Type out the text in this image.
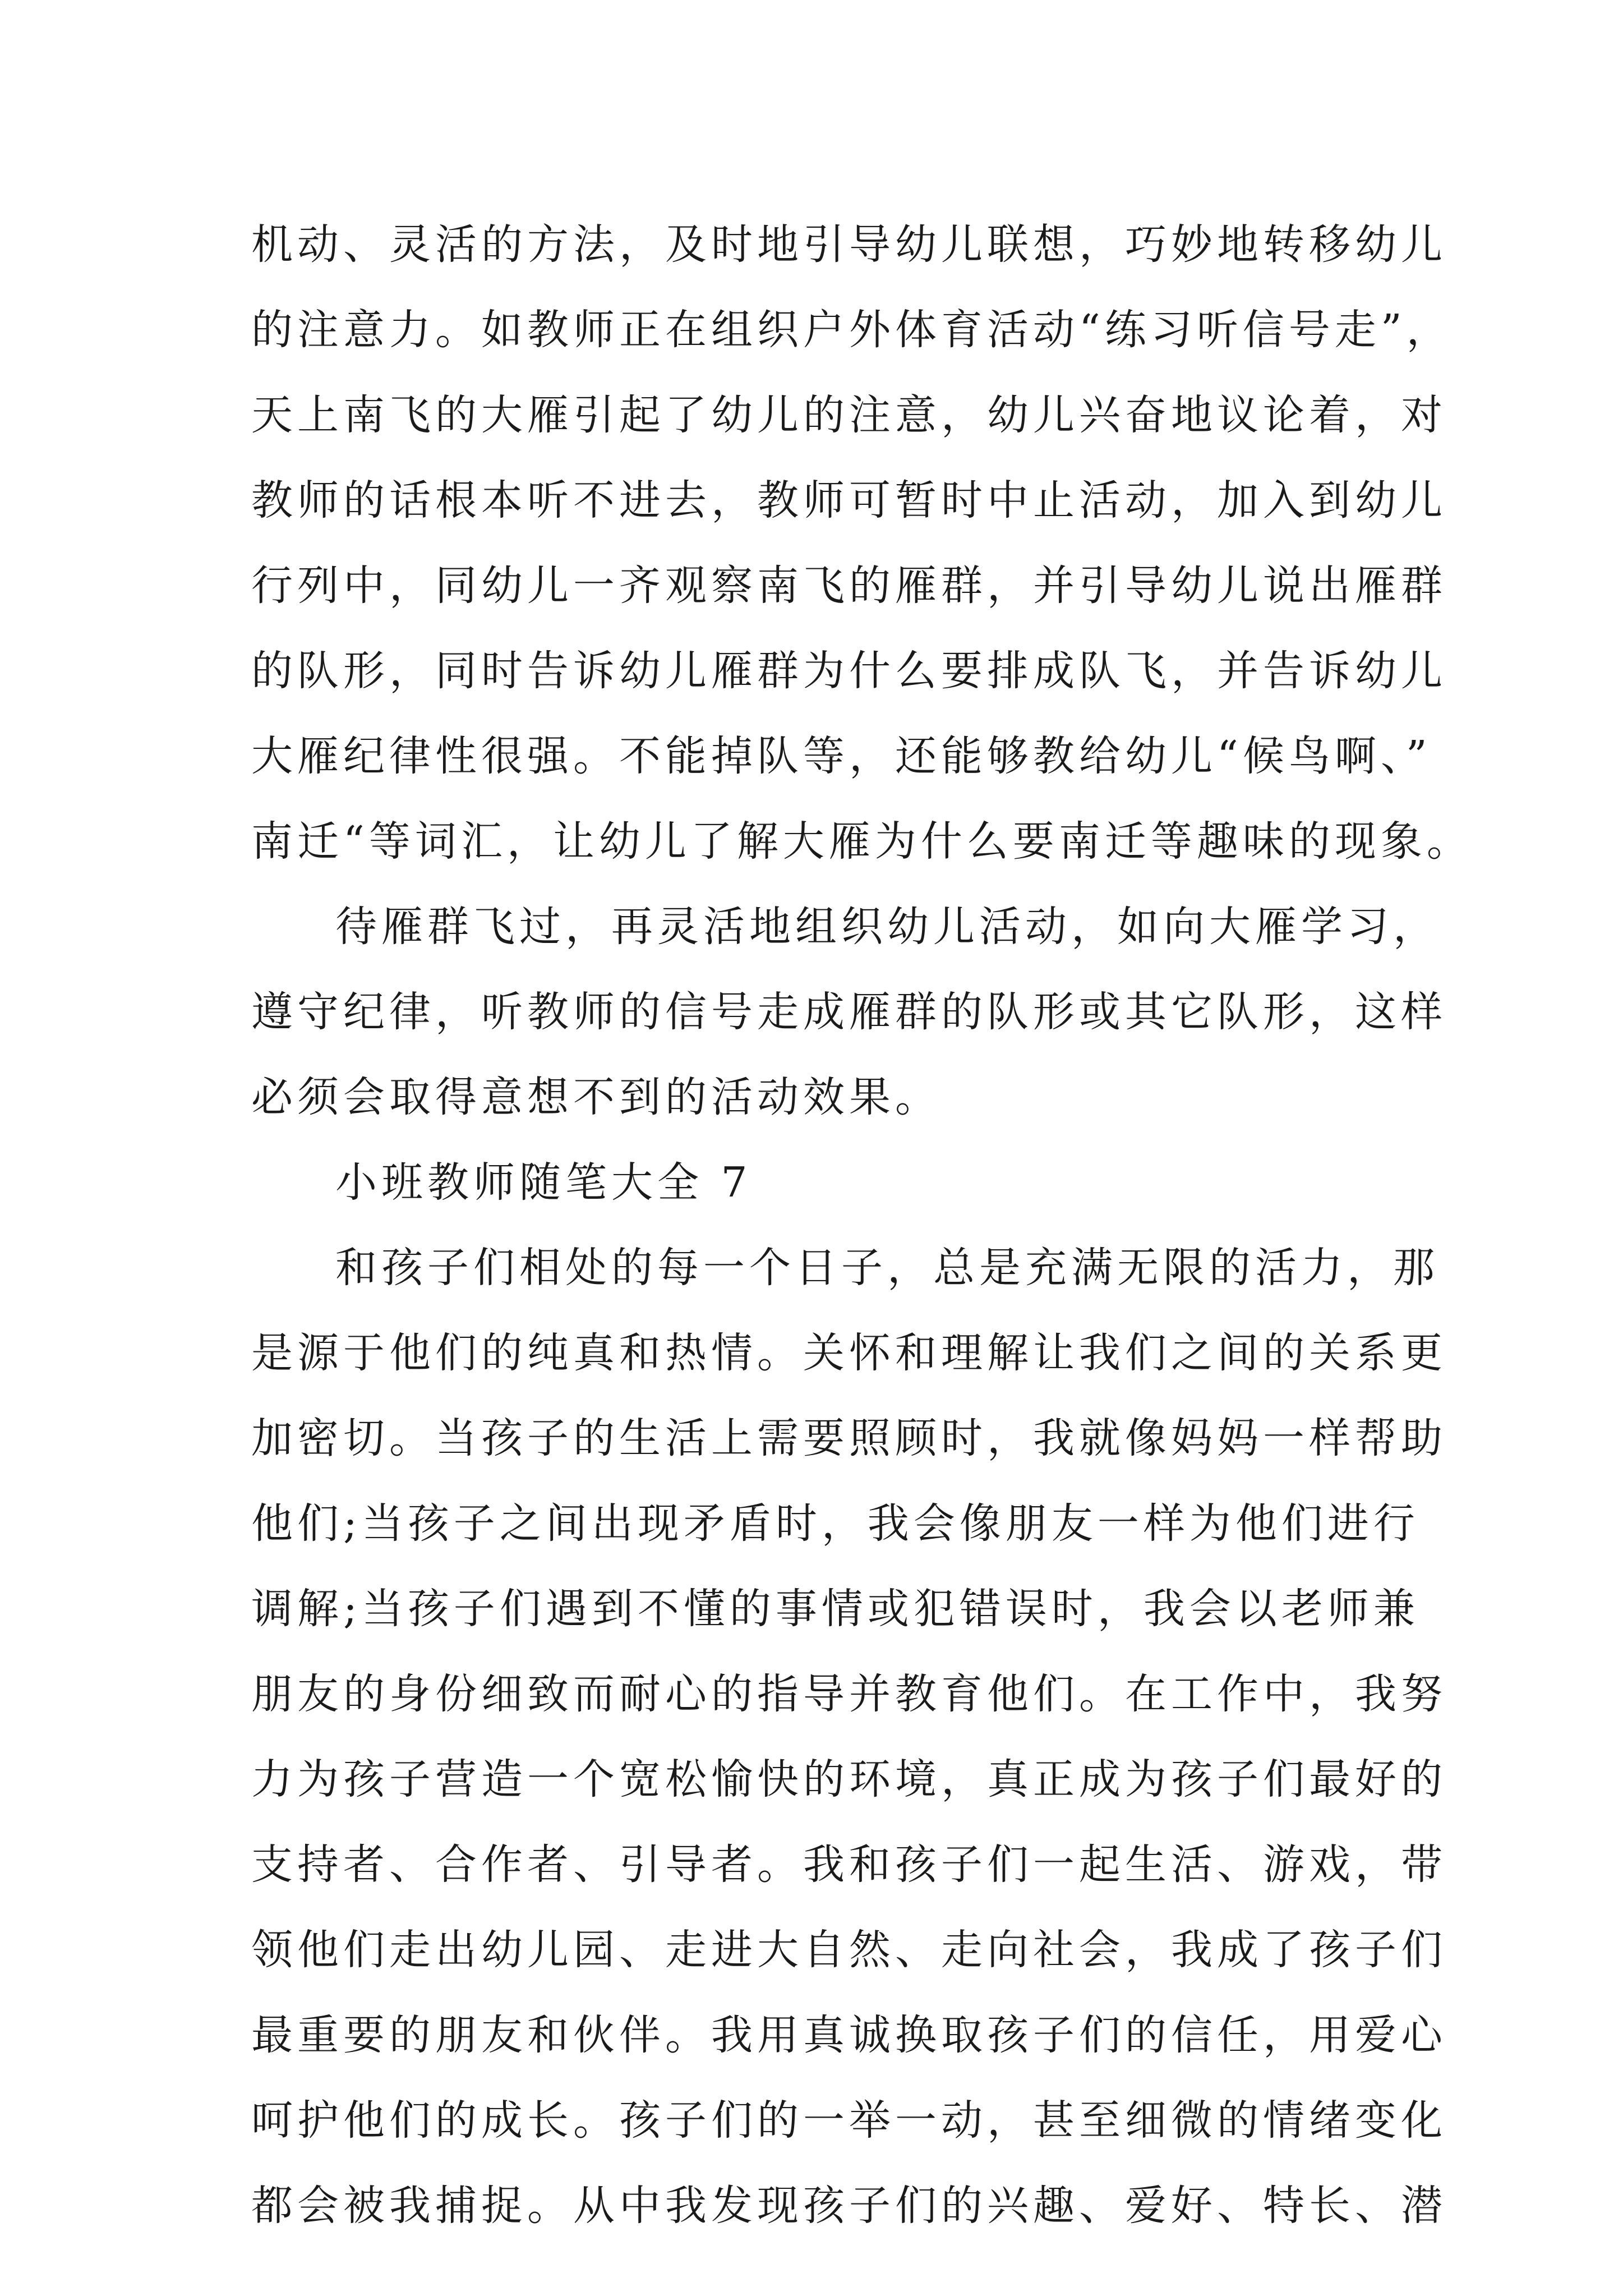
机动、灵活的方法，及时地引导幼儿联想，巧妙地转移幼儿
的注意力。如教师正在组织户外体育活动“练习听信号走”，
天上南飞的大雁引起了幼儿的注意，幼儿兴奋地议论着，对
教师的话根本听不进去，教师可暂时中止活动，加入到幼儿
行列中，同幼儿一齐观察南飞的雁群，并引导幼儿说出雁群
的队形，同时告诉幼儿雁群为什么要排成队飞，并告诉幼儿
大雁纪律性很强。不能掉队等，还能够教给幼儿“候鸟啊、”
南迁“等词汇，让幼儿了解大雁为什么要南迁等趣味的现象。
待雁群飞过，再灵活地组织幼儿活动，如向大雁学习，
遵守纪律，听教师的信号走成雁群的队形或其它队形，这样
必须会取得意想不到的活动效果。
小班教师随笔大全 7
和孩子们相处的每一个日子，总是充满无限的活力，那
是源于他们的纯真和热情。关怀和理解让我们之间的关系更
加密切。当孩子的生活上需要照顾时，我就像妈妈一样帮助
他们;当孩子之间出现矛盾时，我会像朋友一样为他们进行
调解;当孩子们遇到不懂的事情或犯错误时，我会以老师兼
朋友的身份细致而耐心的指导并教育他们。在工作中，我努
力为孩子营造一个宽松愉快的环境，真正成为孩子们最好的
支持者、合作者、引导者。我和孩子们一起生活、游戏，带
领他们走出幼儿园、走进大自然、走向社会，我成了孩子们
最重要的朋友和伙伴。我用真诚换取孩子们的信任，用爱心
呵护他们的成长。孩子们的一举一动，甚至细微的情绪变化
都会被我捕捉。从中我发现孩子们的兴趣、爱好、特长、潜
